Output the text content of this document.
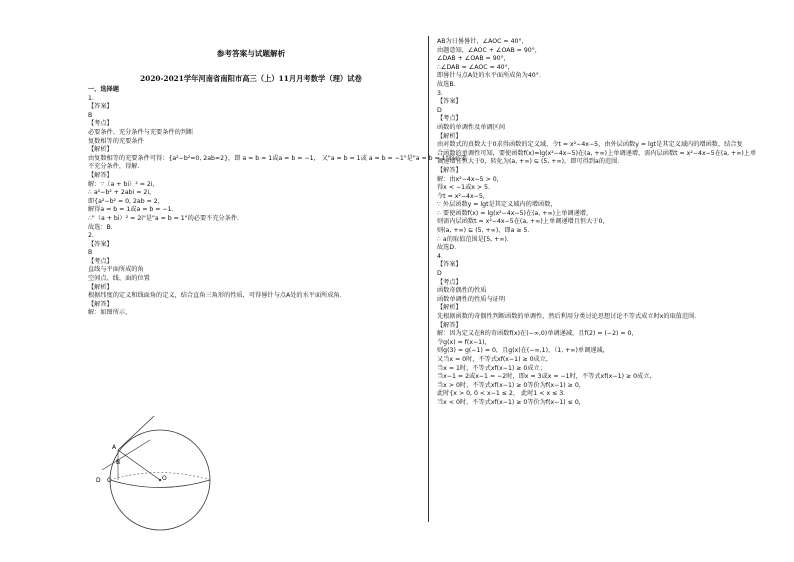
参考答案与试题解析
2020-2021学年河南省南阳市高三（上）11月月考数学（理）试卷
一、选择题
1.
【答案】
B
【考点】
必要条件、充分条件与充要条件的判断
复数相等的充要条件
【解析】
由复数相等的充要条件可得：{a²−b²=0, 2ab=2}，即 a = b = 1或a = b = −1， 又"a = b = 1或 a = b = −1"是"a = b = 1"的必要
不充分条件，得解．
【解答】
解：∵（a + bi）² = 2i，
∴ a²−b² + 2abi = 2i，
即{a²−b² = 0, 2ab = 2，
解得a = b = 1或a = b = −1．
∴"（a + bi）² = 2i"是"a = b = 1"的必要不充分条件．
故选：B．
2.
【答案】
B
【考点】
直线与平面所成的角
空间点、线、面的位置
【解析】
根据纬度的定义和线面角的定义，结合直角三角形的性质，可得晷针与点A处的水平面所成角．
【解答】
解：如图所示，
AB为日晷晷针，∠AOC = 40°，
由题意知，∠AOC + ∠OAB = 90°，
∠DAB + ∠OAB = 90°，
∴∠DAB = ∠AOC = 40°，
即晷针与点A处的水平面所成角为40°．
故选B．
3.
【答案】
D
【考点】
函数的单调性及单调区间
【解析】
由对数式的真数大于0求得函数的定义域，令t = x²−4x−5，由外层函数y = lgt是其定义域内的增函数，结合复
合函数的单调性可知，要使函数f(x)=lg(x²−4x−5)在(a, +∞)上单调递增，需内层函数t = x²−4x−5在(a, +∞)上单
调递增且恒大于0，转化为(a, +∞) ⊆ (5, +∞)，即可得到a的范围．
【解答】
解：由x²−4x−5 > 0，
得x < −1或x > 5．
令t = x²−4x−5，
∵ 外层函数y = lgt是其定义域内的增函数，
∴ 要使函数f(x) = lg(x²−4x−5)在(a, +∞)上单调递增，
则需内层函数t = x²−4x−5在(a, +∞)上单调递增且恒大于0，
则(a, +∞) ⊆ (5, +∞)，即a ≥ 5．
∴ a的取值范围是[5, +∞)．
故选D．
4.
【答案】
D
【考点】
函数奇偶性的性质
函数单调性的性质与证明
【解析】
先根据函数的奇偶性判断函数的单调性，然后利用分类讨论思想讨论不等式成立时x的取值范围．
【解答】
解：因为定义在R的奇函数f(x)在(−∞,0)单调递减，且f(2) = (−2) = 0，
令g(x) = f(x−1)，
则g(3) = g(−1) = 0，且g(x)在(−∞,1)，（1, +∞)单调递减，
又当x = 0时，不等式xf(x−1) ≥ 0成立，
当x = 1时，不等式xf(x−1) ≥ 0成立；
当x−1 = 2或x−1 = −2时，即x = 3或x = −1时，不等式xf(x−1) ≥ 0成立，
当x > 0时，不等式xf(x−1) ≥ 0等价为f(x−1) ≥ 0，
此时{x > 0, 0 < x−1 ≤ 2， 此时1 < x ≤ 3．
当x < 0时，不等式xf(x−1) ≥ 0等价为f(x−1) ≤ 0，
A
B
D C	O
